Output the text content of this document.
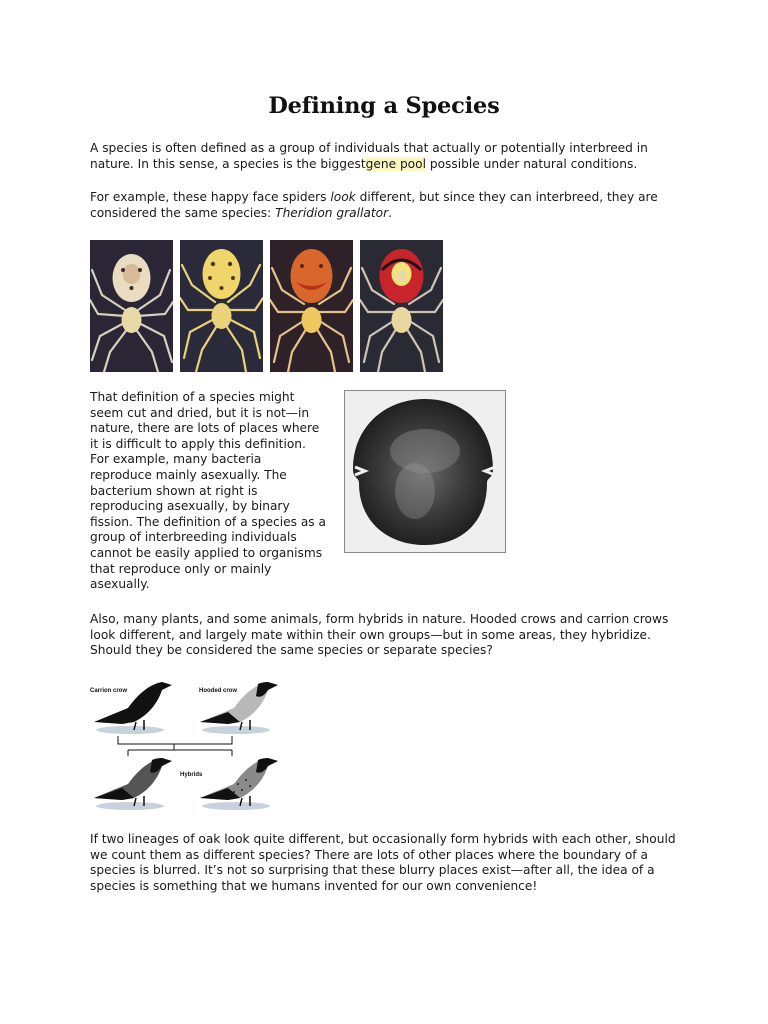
Defining a Species

A species is often defined as a group of individuals that actually or potentially interbreed in nature. In this sense, a species is the biggestgene pool possible under natural conditions.

For example, these happy face spiders look different, but since they can interbreed, they are considered the same species: Theridion grallator.

That definition of a species might seem cut and dried, but it is not—in nature, there are lots of places where it is difficult to apply this definition. For example, many bacteria reproduce mainly asexually. The bacterium shown at right is reproducing asexually, by binary fission. The definition of a species as a group of interbreeding individuals cannot be easily applied to organisms that reproduce only or mainly asexually.

Also, many plants, and some animals, form hybrids in nature. Hooded crows and carrion crows look different, and largely mate within their own groups—but in some areas, they hybridize. Should they be considered the same species or separate species?

Carrion crow	Hooded crow
Hybrids

If two lineages of oak look quite different, but occasionally form hybrids with each other, should we count them as different species? There are lots of other places where the boundary of a species is blurred. It’s not so surprising that these blurry places exist—after all, the idea of a species is something that we humans invented for our own convenience!
